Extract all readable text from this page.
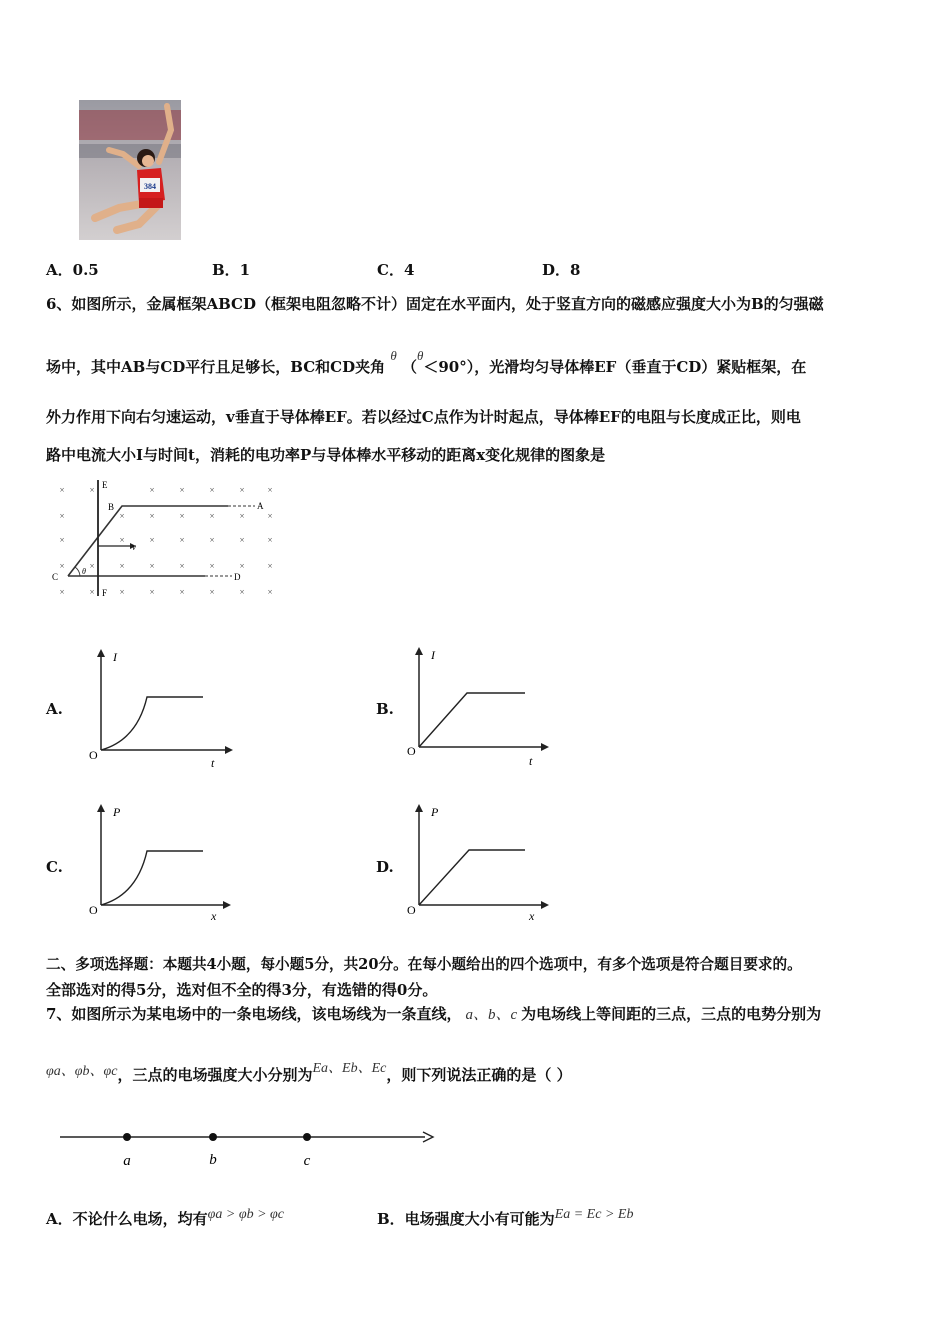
384
A．0.5	B．1	C．4	D．8
6、如图所示，金属框架ABCD（框架电阻忽略不计）固定在水平面内，处于竖直方向的磁感应强度大小为B的匀强磁
场中，其中AB与CD平行且足够长，BC和CD夹角 θ （θ＜90°），光滑均匀导体棒EF（垂直于CD）紧贴框架，在
外力作用下向右匀速运动，v垂直于导体棒EF。若以经过C点作为计时起点，导体棒EF的电阻与长度成正比，则电
路中电流大小I与时间t，消耗的电功率P与导体棒水平移动的距离x变化规律的图象是
×	×	×	×	×	×	×
×	×	×	×	×	×	×
×	×	×	×	×	×	×
×	×	×	×	×	×	×	×
×	×	×	×	×	×	×	×
E
B	A
C	D
F
v
θ
A.
I
t
O
B.
I
t
O
C.
P
x
O
D.
P
x
O
二、多项选择题：本题共4小题，每小题5分，共20分。在每小题给出的四个选项中，有多个选项是符合题目要求的。
全部选对的得5分，选对但不全的得3分，有选错的得0分。
7、如图所示为某电场中的一条电场线，该电场线为一条直线， a、b、c 为电场线上等间距的三点，三点的电势分别为
φa、φb、φc，三点的电场强度大小分别为Ea、Eb、Ec，则下列说法正确的是（ ）
a	b	c
A．不论什么电场，均有φa > φb > φc	B．电场强度大小有可能为Ea = Ec > Eb
